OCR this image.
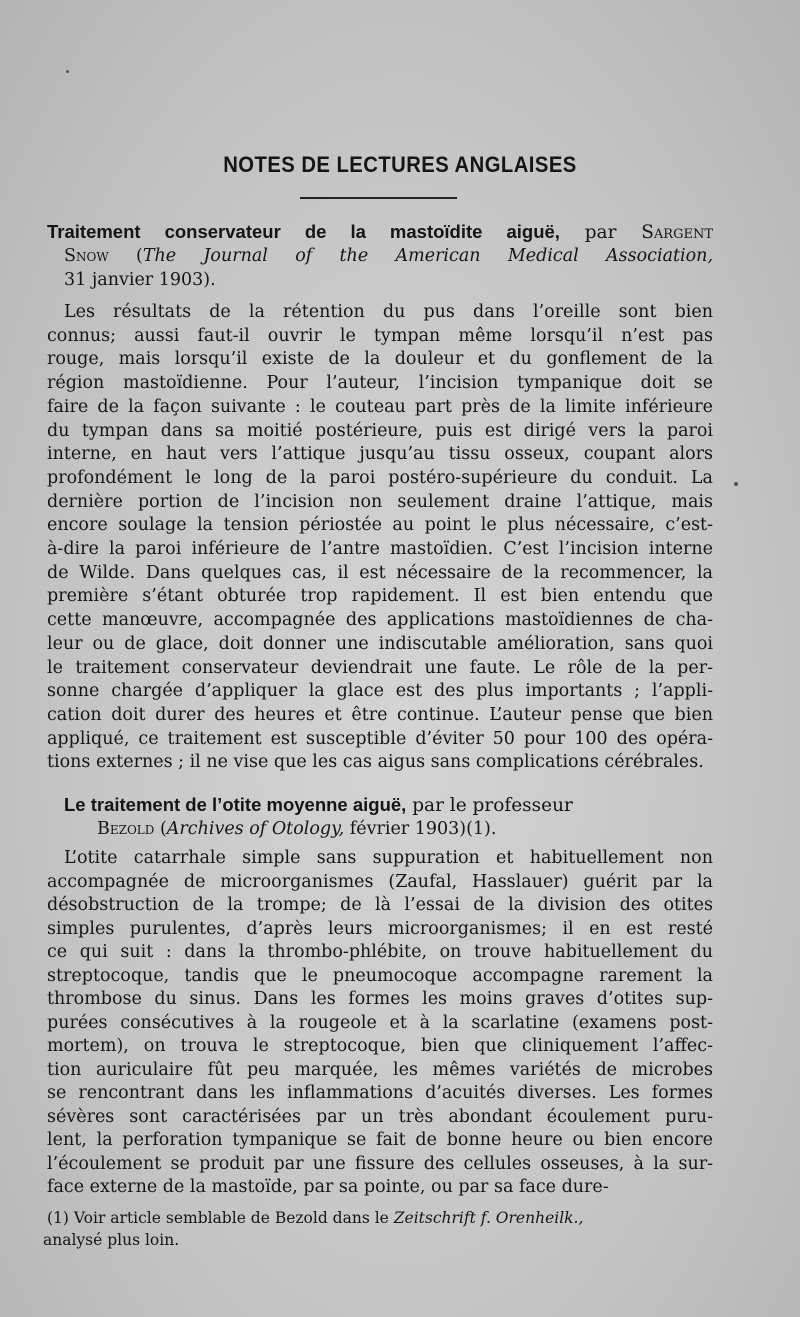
NOTES DE LECTURES ANGLAISES
Traitement conservateur de la mastoïdite aiguë, par Sargent
Snow (The Journal of the American Medical Association,
31 janvier 1903).
Les résultats de la rétention du pus dans l’oreille sont bien
connus; aussi faut-il ouvrir le tympan même lorsqu’il n’est pas
rouge, mais lorsqu’il existe de la douleur et du gonflement de la
région mastoïdienne. Pour l’auteur, l’incision tympanique doit se
faire de la façon suivante : le couteau part près de la limite inférieure
du tympan dans sa moitié postérieure, puis est dirigé vers la paroi
interne, en haut vers l’attique jusqu’au tissu osseux, coupant alors
profondément le long de la paroi postéro-supérieure du conduit. La
dernière portion de l’incision non seulement draine l’attique, mais
encore soulage la tension périostée au point le plus nécessaire, c’est-
à-dire la paroi inférieure de l’antre mastoïdien. C’est l’incision interne
de Wilde. Dans quelques cas, il est nécessaire de la recommencer, la
première s’étant obturée trop rapidement. Il est bien entendu que
cette manœuvre, accompagnée des applications mastoïdiennes de cha-
leur ou de glace, doit donner une indiscutable amélioration, sans quoi
le traitement conservateur deviendrait une faute. Le rôle de la per-
sonne chargée d’appliquer la glace est des plus importants ; l’appli-
cation doit durer des heures et être continue. L’auteur pense que bien
appliqué, ce traitement est susceptible d’éviter 50 pour 100 des opéra-
tions externes ; il ne vise que les cas aigus sans complications cérébrales.
Le traitement de l’otite moyenne aiguë, par le professeur
Bezold (Archives of Otology, février 1903)(1).
L’otite catarrhale simple sans suppuration et habituellement non
accompagnée de microorganismes (Zaufal, Hasslauer) guérit par la
désobstruction de la trompe; de là l’essai de la division des otites
simples purulentes, d’après leurs microorganismes; il en est resté
ce qui suit : dans la thrombo-phlébite, on trouve habituellement du
streptocoque, tandis que le pneumocoque accompagne rarement la
thrombose du sinus. Dans les formes les moins graves d’otites sup-
purées consécutives à la rougeole et à la scarlatine (examens post-
mortem), on trouva le streptocoque, bien que cliniquement l’affec-
tion auriculaire fût peu marquée, les mêmes variétés de microbes
se rencontrant dans les inflammations d’acuités diverses. Les formes
sévères sont caractérisées par un très abondant écoulement puru-
lent, la perforation tympanique se fait de bonne heure ou bien encore
l’écoulement se produit par une fissure des cellules osseuses, à la sur-
face externe de la mastoïde, par sa pointe, ou par sa face dure-
(1) Voir article semblable de Bezold dans le Zeitschrift f. Orenheilk.,
analysé plus loin.
